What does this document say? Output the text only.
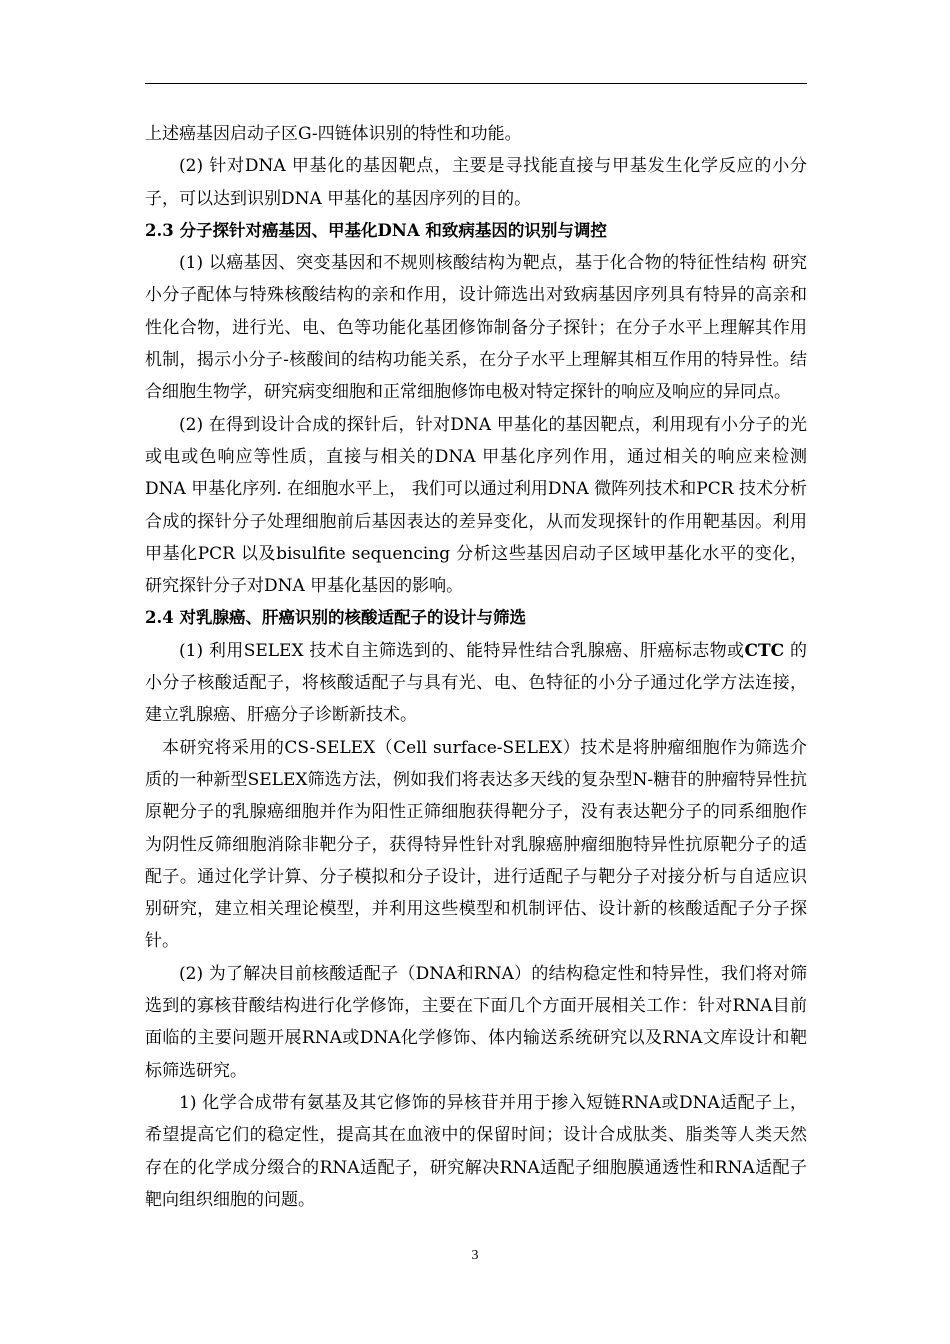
上述癌基因启动子区G-四链体识别的特性和功能。

(2) 针对DNA 甲基化的基因靶点，主要是寻找能直接与甲基发生化学反应的小分子，可以达到识别DNA 甲基化的基因序列的目的。

2.3 分子探针对癌基因、甲基化DNA 和致病基因的识别与调控

(1) 以癌基因、突变基因和不规则核酸结构为靶点，基于化合物的特征性结构 研究小分子配体与特殊核酸结构的亲和作用，设计筛选出对致病基因序列具有特异的高亲和性化合物，进行光、电、色等功能化基团修饰制备分子探针；在分子水平上理解其作用机制，揭示小分子-核酸间的结构功能关系，在分子水平上理解其相互作用的特异性。结合细胞生物学，研究病变细胞和正常细胞修饰电极对特定探针的响应及响应的异同点。

(2) 在得到设计合成的探针后，针对DNA 甲基化的基因靶点，利用现有小分子的光或电或色响应等性质，直接与相关的DNA 甲基化序列作用，通过相关的响应来检测DNA 甲基化序列. 在细胞水平上， 我们可以通过利用DNA 微阵列技术和PCR 技术分析合成的探针分子处理细胞前后基因表达的差异变化，从而发现探针的作用靶基因。利用甲基化PCR 以及bisulfite sequencing 分析这些基因启动子区域甲基化水平的变化，研究探针分子对DNA 甲基化基因的影响。

2.4 对乳腺癌、肝癌识别的核酸适配子的设计与筛选

(1) 利用SELEX 技术自主筛选到的、能特异性结合乳腺癌、肝癌标志物或CTC 的小分子核酸适配子，将核酸适配子与具有光、电、色特征的小分子通过化学方法连接，建立乳腺癌、肝癌分子诊断新技术。

本研究将采用的CS-SELEX（Cell surface-SELEX）技术是将肿瘤细胞作为筛选介质的一种新型SELEX筛选方法，例如我们将表达多天线的复杂型N-糖苷的肿瘤特异性抗原靶分子的乳腺癌细胞并作为阳性正筛细胞获得靶分子，没有表达靶分子的同系细胞作为阴性反筛细胞消除非靶分子，获得特异性针对乳腺癌肿瘤细胞特异性抗原靶分子的适配子。通过化学计算、分子模拟和分子设计，进行适配子与靶分子对接分析与自适应识别研究，建立相关理论模型，并利用这些模型和机制评估、设计新的核酸适配子分子探针。

(2) 为了解决目前核酸适配子（DNA和RNA）的结构稳定性和特异性，我们将对筛选到的寡核苷酸结构进行化学修饰，主要在下面几个方面开展相关工作：针对RNA目前面临的主要问题开展RNA或DNA化学修饰、体内输送系统研究以及RNA文库设计和靶标筛选研究。

1) 化学合成带有氨基及其它修饰的异核苷并用于掺入短链RNA或DNA适配子上，希望提高它们的稳定性，提高其在血液中的保留时间；设计合成肽类、脂类等人类天然存在的化学成分缀合的RNA适配子，研究解决RNA适配子细胞膜通透性和RNA适配子靶向组织细胞的问题。

3
